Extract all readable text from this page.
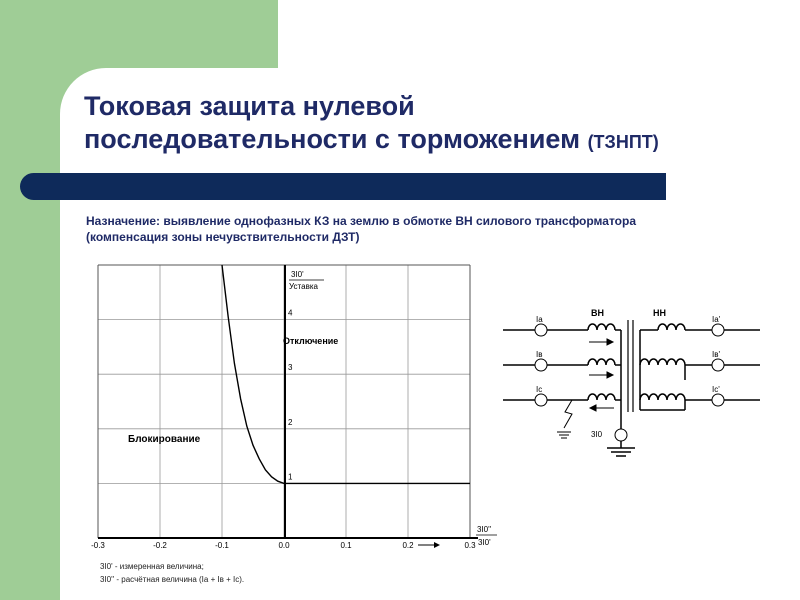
Токовая защита нулевой
последовательности с торможением (ТЗНПТ)
Назначение: выявление однофазных КЗ на землю в обмотке ВН силового трансформатора
(компенсация зоны нечувствительности ДЗТ)
-0.3	-0.2	-0.1	0.0	0.1	0.2	0.3
1
2
3
4
3I0'
Уставка
3I0''
3I0'
Отключение
Блокирование
ВН	НН
Ia
Iв
Ic
Ia'
Iв'
Ic'
3I0
3I0' - измеренная величина;
3I0'' - расчётная величина (Ia + Iв + Ic).
